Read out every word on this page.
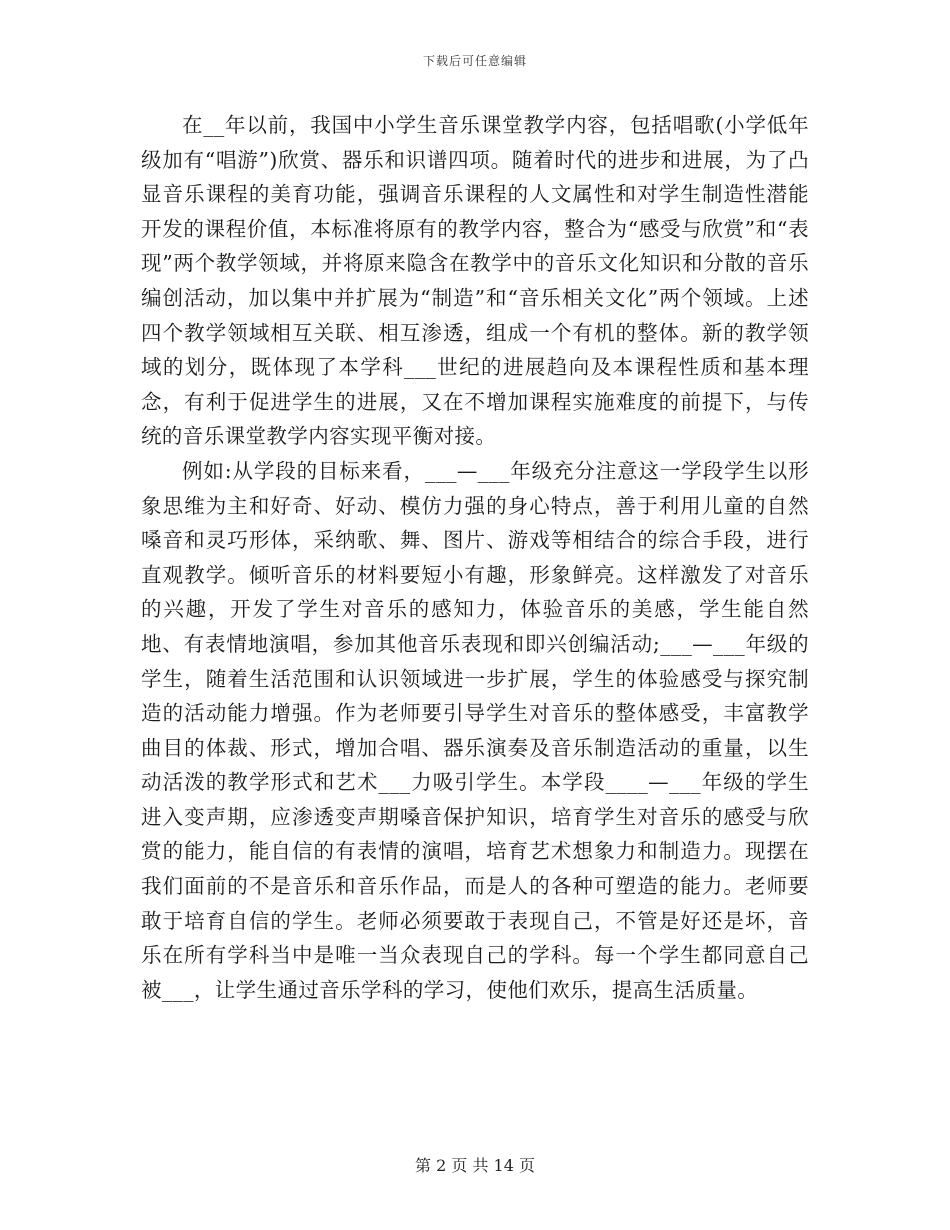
下载后可任意编辑

在__年以前，我国中小学生音乐课堂教学内容，包括唱歌(小学低年级加有“唱游”)欣赏、器乐和识谱四项。随着时代的进步和进展，为了凸显音乐课程的美育功能，强调音乐课程的人文属性和对学生制造性潜能开发的课程价值，本标准将原有的教学内容，整合为“感受与欣赏”和“表现”两个教学领域，并将原来隐含在教学中的音乐文化知识和分散的音乐编创活动，加以集中并扩展为“制造”和“音乐相关文化”两个领域。上述四个教学领域相互关联、相互渗透，组成一个有机的整体。新的教学领域的划分，既体现了本学科___世纪的进展趋向及本课程性质和基本理念，有利于促进学生的进展，又在不增加课程实施难度的前提下，与传统的音乐课堂教学内容实现平衡对接。

例如:从学段的目标来看，___—___年级充分注意这一学段学生以形象思维为主和好奇、好动、模仿力强的身心特点，善于利用儿童的自然嗓音和灵巧形体，采纳歌、舞、图片、游戏等相结合的综合手段，进行直观教学。倾听音乐的材料要短小有趣，形象鲜亮。这样激发了对音乐的兴趣，开发了学生对音乐的感知力，体验音乐的美感，学生能自然地、有表情地演唱，参加其他音乐表现和即兴创编活动;___—___年级的学生，随着生活范围和认识领域进一步扩展，学生的体验感受与探究制造的活动能力增强。作为老师要引导学生对音乐的整体感受，丰富教学曲目的体裁、形式，增加合唱、器乐演奏及音乐制造活动的重量，以生动活泼的教学形式和艺术___力吸引学生。本学段____—___年级的学生进入变声期，应渗透变声期嗓音保护知识，培育学生对音乐的感受与欣赏的能力，能自信的有表情的演唱，培育艺术想象力和制造力。现摆在我们面前的不是音乐和音乐作品，而是人的各种可塑造的能力。老师要敢于培育自信的学生。老师必须要敢于表现自己，不管是好还是坏，音乐在所有学科当中是唯一当众表现自己的学科。每一个学生都同意自己被___，让学生通过音乐学科的学习，使他们欢乐，提高生活质量。

第 2 页 共 14 页
